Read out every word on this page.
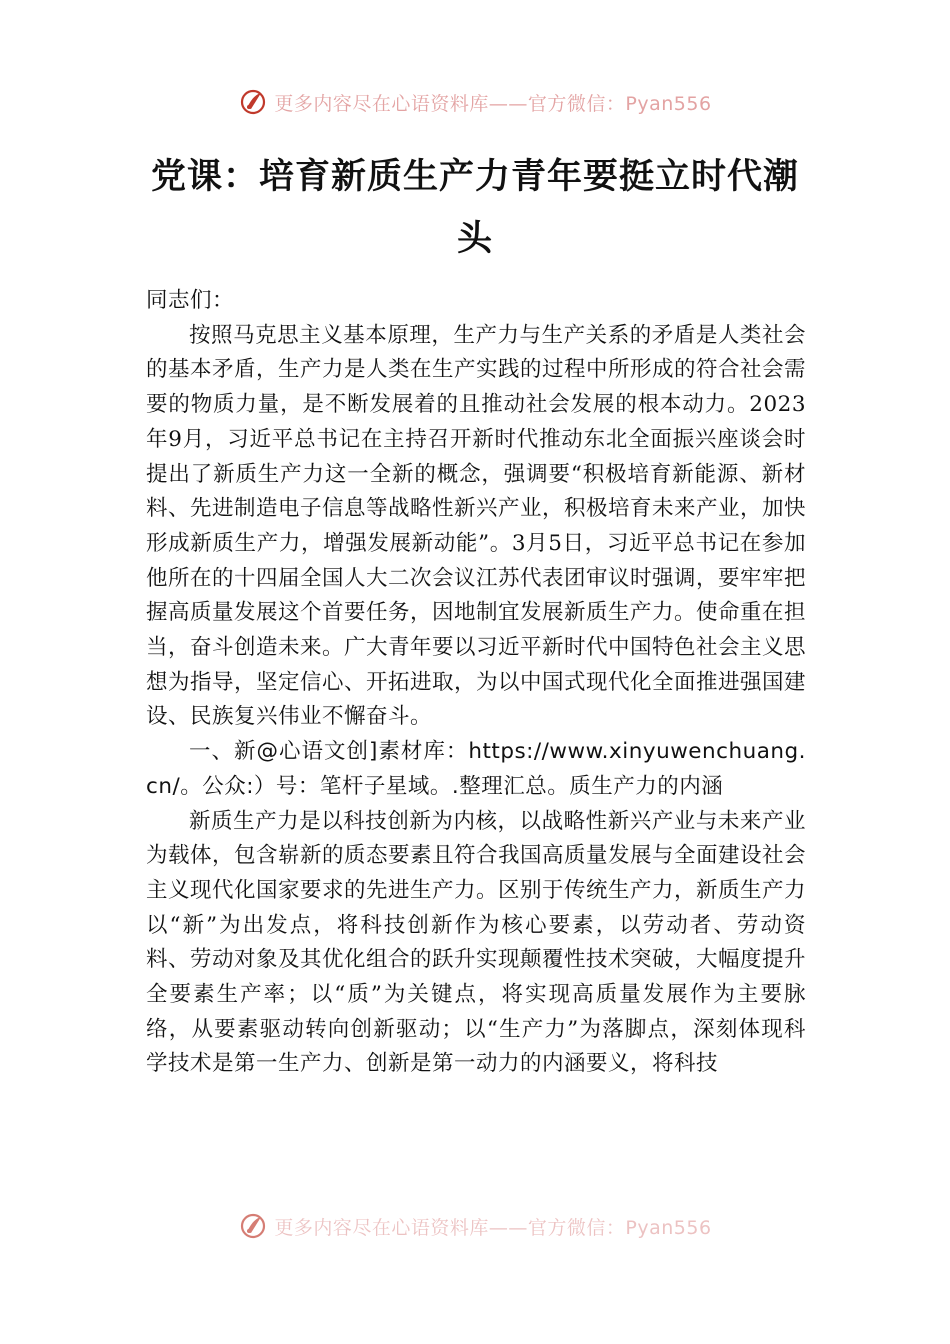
更多内容尽在心语资料库——官方微信：Pyan556
党课：培育新质生产力青年要挺立时代潮头

同志们：

按照马克思主义基本原理，生产力与生产关系的矛盾是人类社会的基本矛盾，生产力是人类在生产实践的过程中所形成的符合社会需要的物质力量，是不断发展着的且推动社会发展的根本动力。2023年9月，习近平总书记在主持召开新时代推动东北全面振兴座谈会时提出了新质生产力这一全新的概念，强调要“积极培育新能源、新材料、先进制造电子信息等战略性新兴产业，积极培育未来产业，加快形成新质生产力，增强发展新动能”。3月5日，习近平总书记在参加他所在的十四届全国人大二次会议江苏代表团审议时强调，要牢牢把握高质量发展这个首要任务，因地制宜发展新质生产力。使命重在担当，奋斗创造未来。广大青年要以习近平新时代中国特色社会主义思想为指导，坚定信心、开拓进取，为以中国式现代化全面推进强国建设、民族复兴伟业不懈奋斗。

一、新@心语文创]素材库：https://www.xinyuwenchuang.cn/。公众:）号：笔杆子星域。.整理汇总。质生产力的内涵

新质生产力是以科技创新为内核，以战略性新兴产业与未来产业为载体，包含崭新的质态要素且符合我国高质量发展与全面建设社会主义现代化国家要求的先进生产力。区别于传统生产力，新质生产力以“新”为出发点，将科技创新作为核心要素，以劳动者、劳动资料、劳动对象及其优化组合的跃升实现颠覆性技术突破，大幅度提升全要素生产率；以“质”为关键点，将实现高质量发展作为主要脉络，从要素驱动转向创新驱动；以“生产力”为落脚点，深刻体现科学技术是第一生产力、创新是第一动力的内涵要义，将科技

更多内容尽在心语资料库——官方微信：Pyan556
